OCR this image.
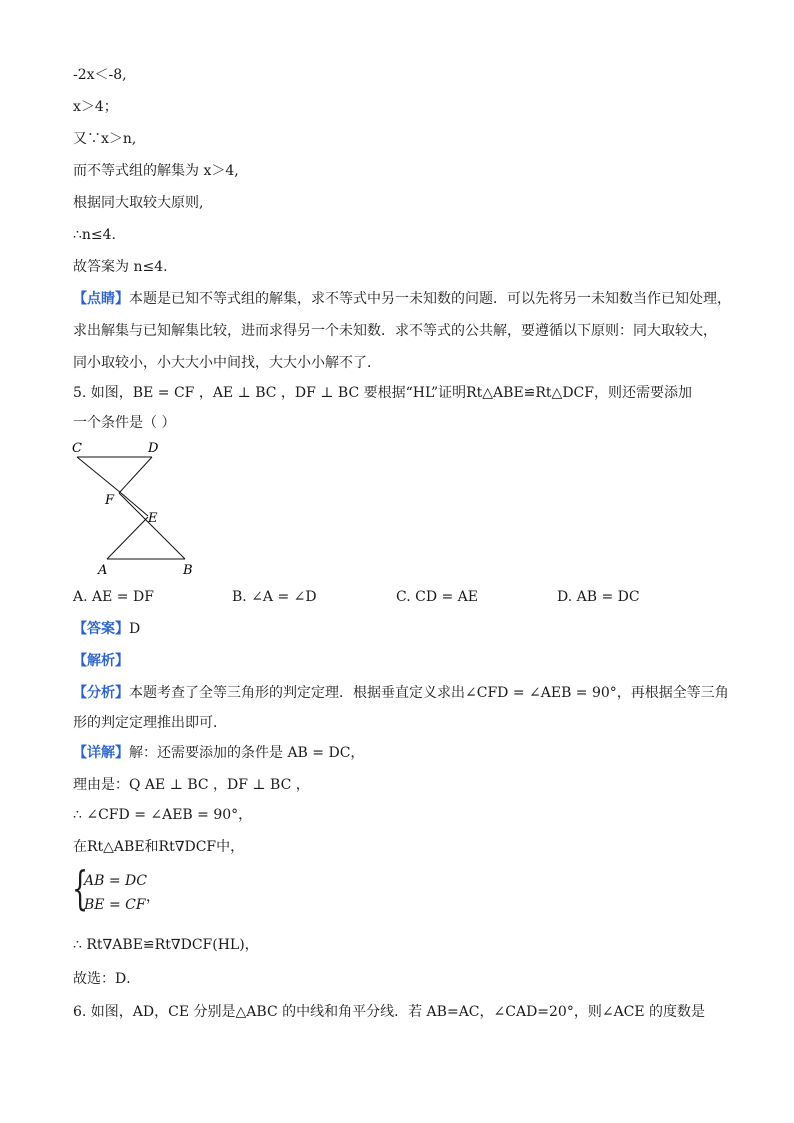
-2x＜-8,
x＞4；
又∵x＞n,
而不等式组的解集为 x＞4,
根据同大取较大原则,
∴n≤4.
故答案为 n≤4.
【点睛】本题是已知不等式组的解集，求不等式中另一未知数的问题．可以先将另一未知数当作已知处理，
求出解集与已知解集比较，进而求得另一个未知数．求不等式的公共解，要遵循以下原则：同大取较大，
同小取较小，小大大小中间找，大大小小解不了．
5. 如图，BE = CF ，AE ⊥ BC ，DF ⊥ BC 要根据“HL”证明Rt△ABE≌Rt△DCF，则还需要添加
一个条件是（ ）
C	D
F
E
A	B
A. AE = DF	B. ∠A = ∠D	C. CD = AE	D. AB = DC
【答案】D
【解析】
【分析】本题考查了全等三角形的判定定理．根据垂直定义求出∠CFD = ∠AEB = 90°，再根据全等三角
形的判定定理推出即可．
【详解】解：还需要添加的条件是 AB = DC，
理由是：Q AE ⊥ BC ，DF ⊥ BC ，
∴ ∠CFD = ∠AEB = 90°，
在Rt△ABE和Rt∇DCF中，
{
AB = DC
BE = CF ，
∴ Rt∇ABE≌Rt∇DCF(HL)，
故选：D．
6. 如图，AD，CE 分别是△ABC 的中线和角平分线．若 AB=AC，∠CAD=20°，则∠ACE 的度数是
